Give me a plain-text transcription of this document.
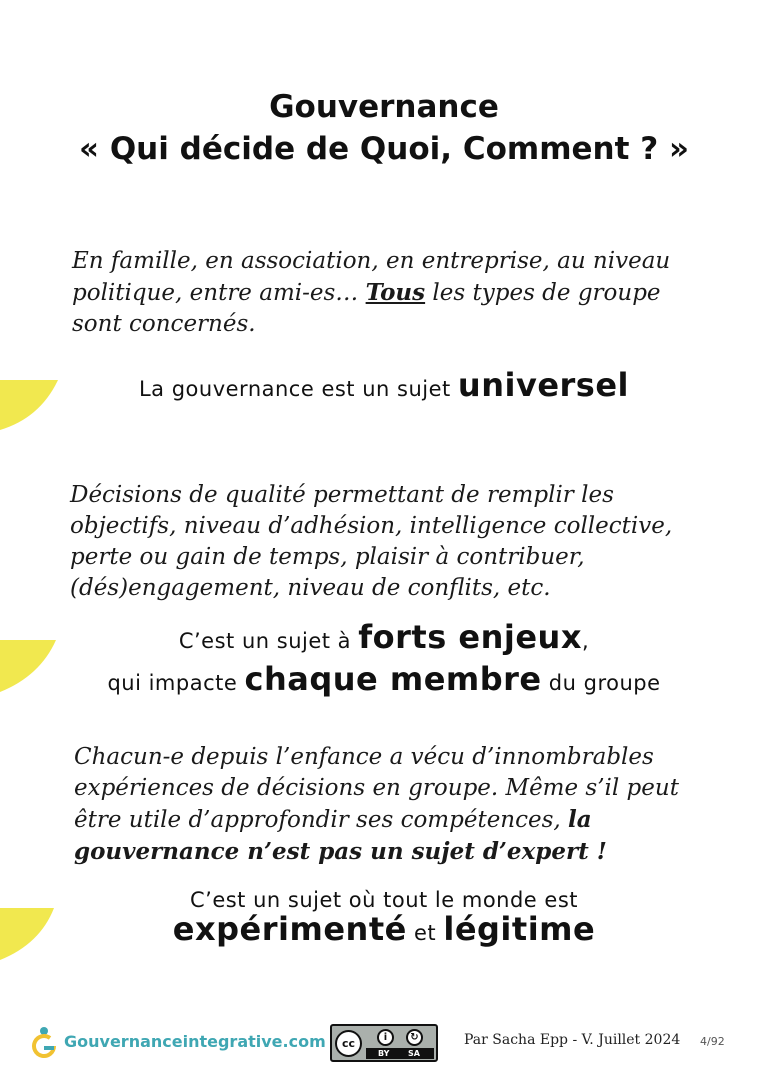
Gouvernance
« Qui décide de Quoi, Comment ? »
En famille, en association, en entreprise, au niveau politique, entre ami-es… Tous les types de groupe sont concernés.
La gouvernance est un sujet universel
Décisions de qualité permettant de remplir les objectifs, niveau d’adhésion, intelligence collective, perte ou gain de temps, plaisir à contribuer, (dés)engagement, niveau de conflits, etc.
C’est un sujet à forts enjeux,
qui impacte chaque membre du groupe
Chacun-e depuis l’enfance a vécu d’innombrables expériences de décisions en groupe. Même s’il peut être utile d’approfondir ses compétences, la gouvernance n’est pas un sujet d’expert !
C’est un sujet où tout le monde est
expérimenté et légitime
Gouvernanceintegrative.com	cc	i	↻
BY SA
Par Sacha Epp - V. Juillet 2024 4/92
